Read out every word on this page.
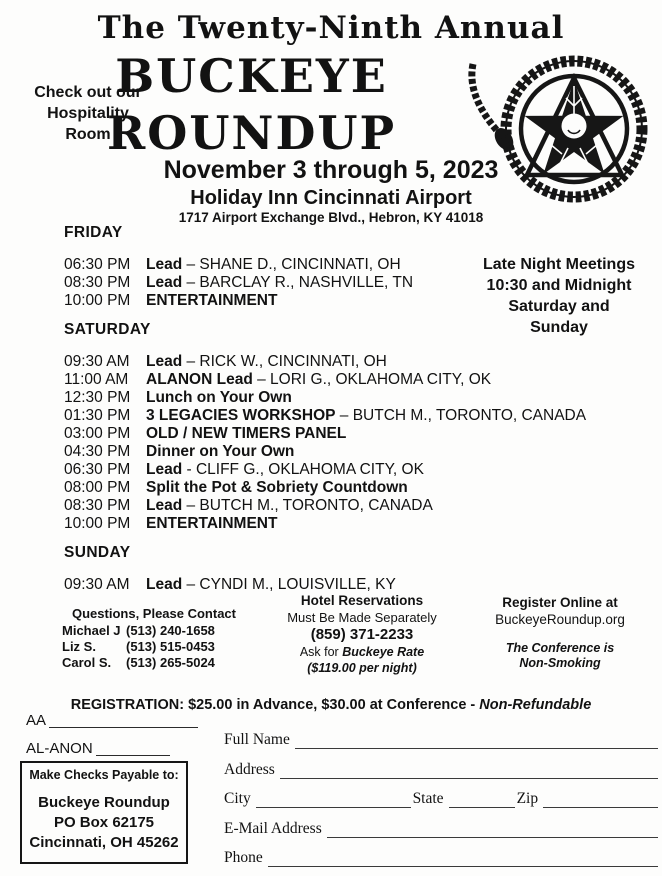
The Twenty-Ninth Annual
BUCKEYE
ROUNDUP
Check out our
Hospitality
Room
November 3 through 5, 2023
Holiday Inn Cincinnati Airport
1717 Airport Exchange Blvd., Hebron, KY 41018
FRIDAY
06:30 PM Lead – SHANE D., CINCINNATI, OH
08:30 PM Lead – BARCLAY R., NASHVILLE, TN
10:00 PM ENTERTAINMENT
SATURDAY
09:30 AM Lead – RICK W., CINCINNATI, OH
11:00 AM ALANON Lead – LORI G., OKLAHOMA CITY, OK
12:30 PM Lunch on Your Own
01:30 PM 3 LEGACIES WORKSHOP – BUTCH M., TORONTO, CANADA
03:00 PM OLD / NEW TIMERS PANEL
04:30 PM Dinner on Your Own
06:30 PM Lead - CLIFF G., OKLAHOMA CITY, OK
08:00 PM Split the Pot & Sobriety Countdown
08:30 PM Lead – BUTCH M., TORONTO, CANADA
10:00 PM ENTERTAINMENT
SUNDAY
09:30 AM Lead – CYNDI M., LOUISVILLE, KY
Late Night Meetings
10:30 and Midnight
Saturday and
Sunday
Questions, Please Contact
Michael J (513) 240-1658
Liz S.	(513) 515-0453
Carol S.	(513) 265-5024
Hotel Reservations
Must Be Made Separately
(859) 371-2233
Ask for Buckeye Rate
($119.00 per night)
Register Online at
BuckeyeRoundup.org
The Conference is
Non-Smoking
REGISTRATION: $25.00 in Advance, $30.00 at Conference - Non-Refundable
AA
AL-ANON
Make Checks Payable to:
Buckeye Roundup
PO Box 62175
Cincinnati, OH 45262
Full Name
Address
City	State	Zip
E-Mail Address
Phone
